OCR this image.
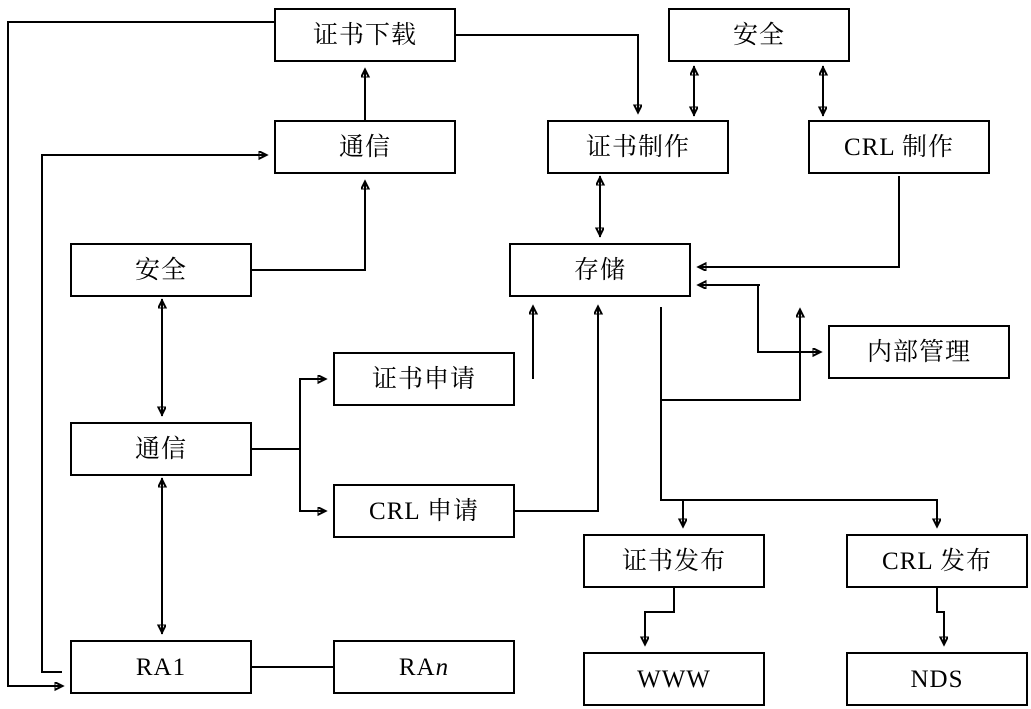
证书下载	安全
通信	证书制作	CRL 制作
安全	存储
内部管理
证书申请
通信
CRL 申请
证书发布	CRL 发布
RA1	RA n	WWW	NDS
